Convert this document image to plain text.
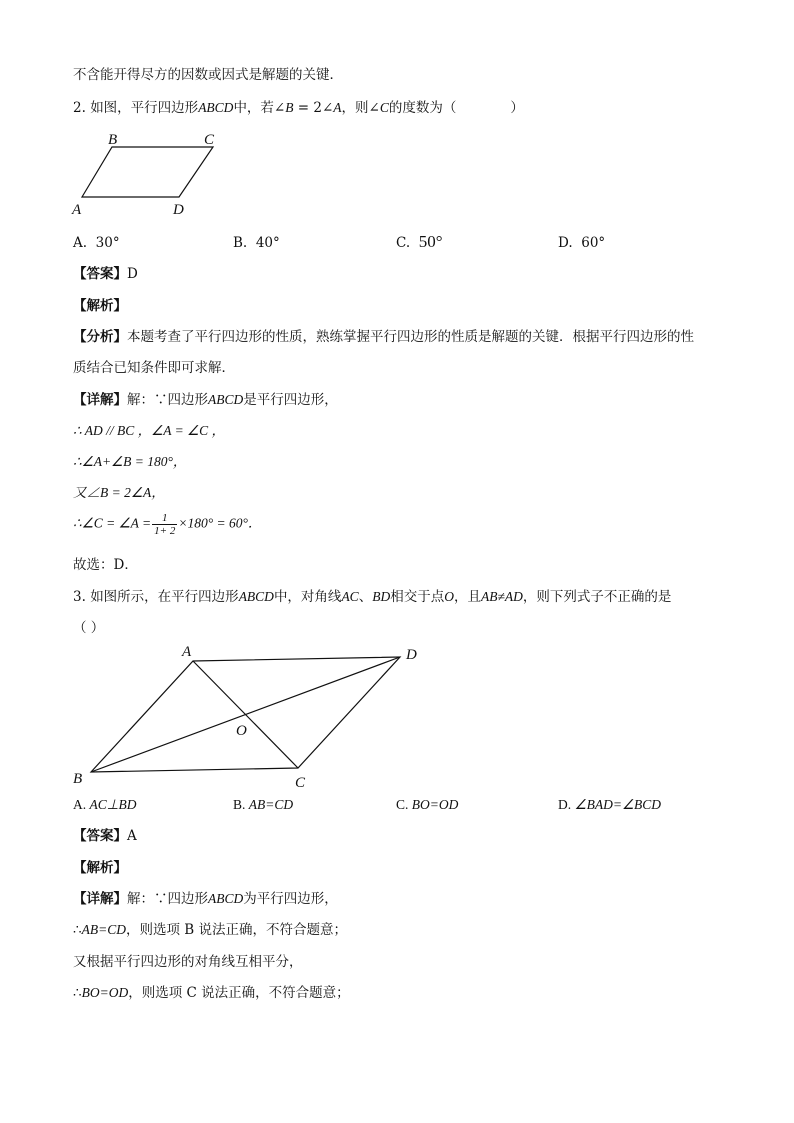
不含能开得尽方的因数或因式是解题的关键．
2. 如图，平行四边形ABCD中，若∠B = 2∠A，则∠C的度数为（　　　　）
B	C
A	D
A. 30°	B. 40°	C. 50°	D. 60°
【答案】D
【解析】
【分析】本题考查了平行四边形的性质，熟练掌握平行四边形的性质是解题的关键．根据平行四边形的性
质结合已知条件即可求解．
【详解】解：∵四边形ABCD是平行四边形，
∴ AD // BC ，∠A = ∠C ，
∴∠A+∠B = 180°，
又∠B = 2∠A，
∴∠C = ∠A = $\frac{1}{1+ 2} \times 180^\circ = 60^\circ$．
故选：D．
3. 如图所示，在平行四边形ABCD中，对角线AC、BD相交于点O，且AB≠AD，则下列式子不正确的是
（ ）
A	D
O
B	C
A. AC⊥BD	B. AB=CD	C. BO=OD	D. ∠BAD=∠BCD
【答案】A
【解析】
【详解】解：∵四边形ABCD为平行四边形，
∴AB=CD，则选项 B 说法正确，不符合题意；
又根据平行四边形的对角线互相平分，
∴BO=OD，则选项 C 说法正确，不符合题意；
